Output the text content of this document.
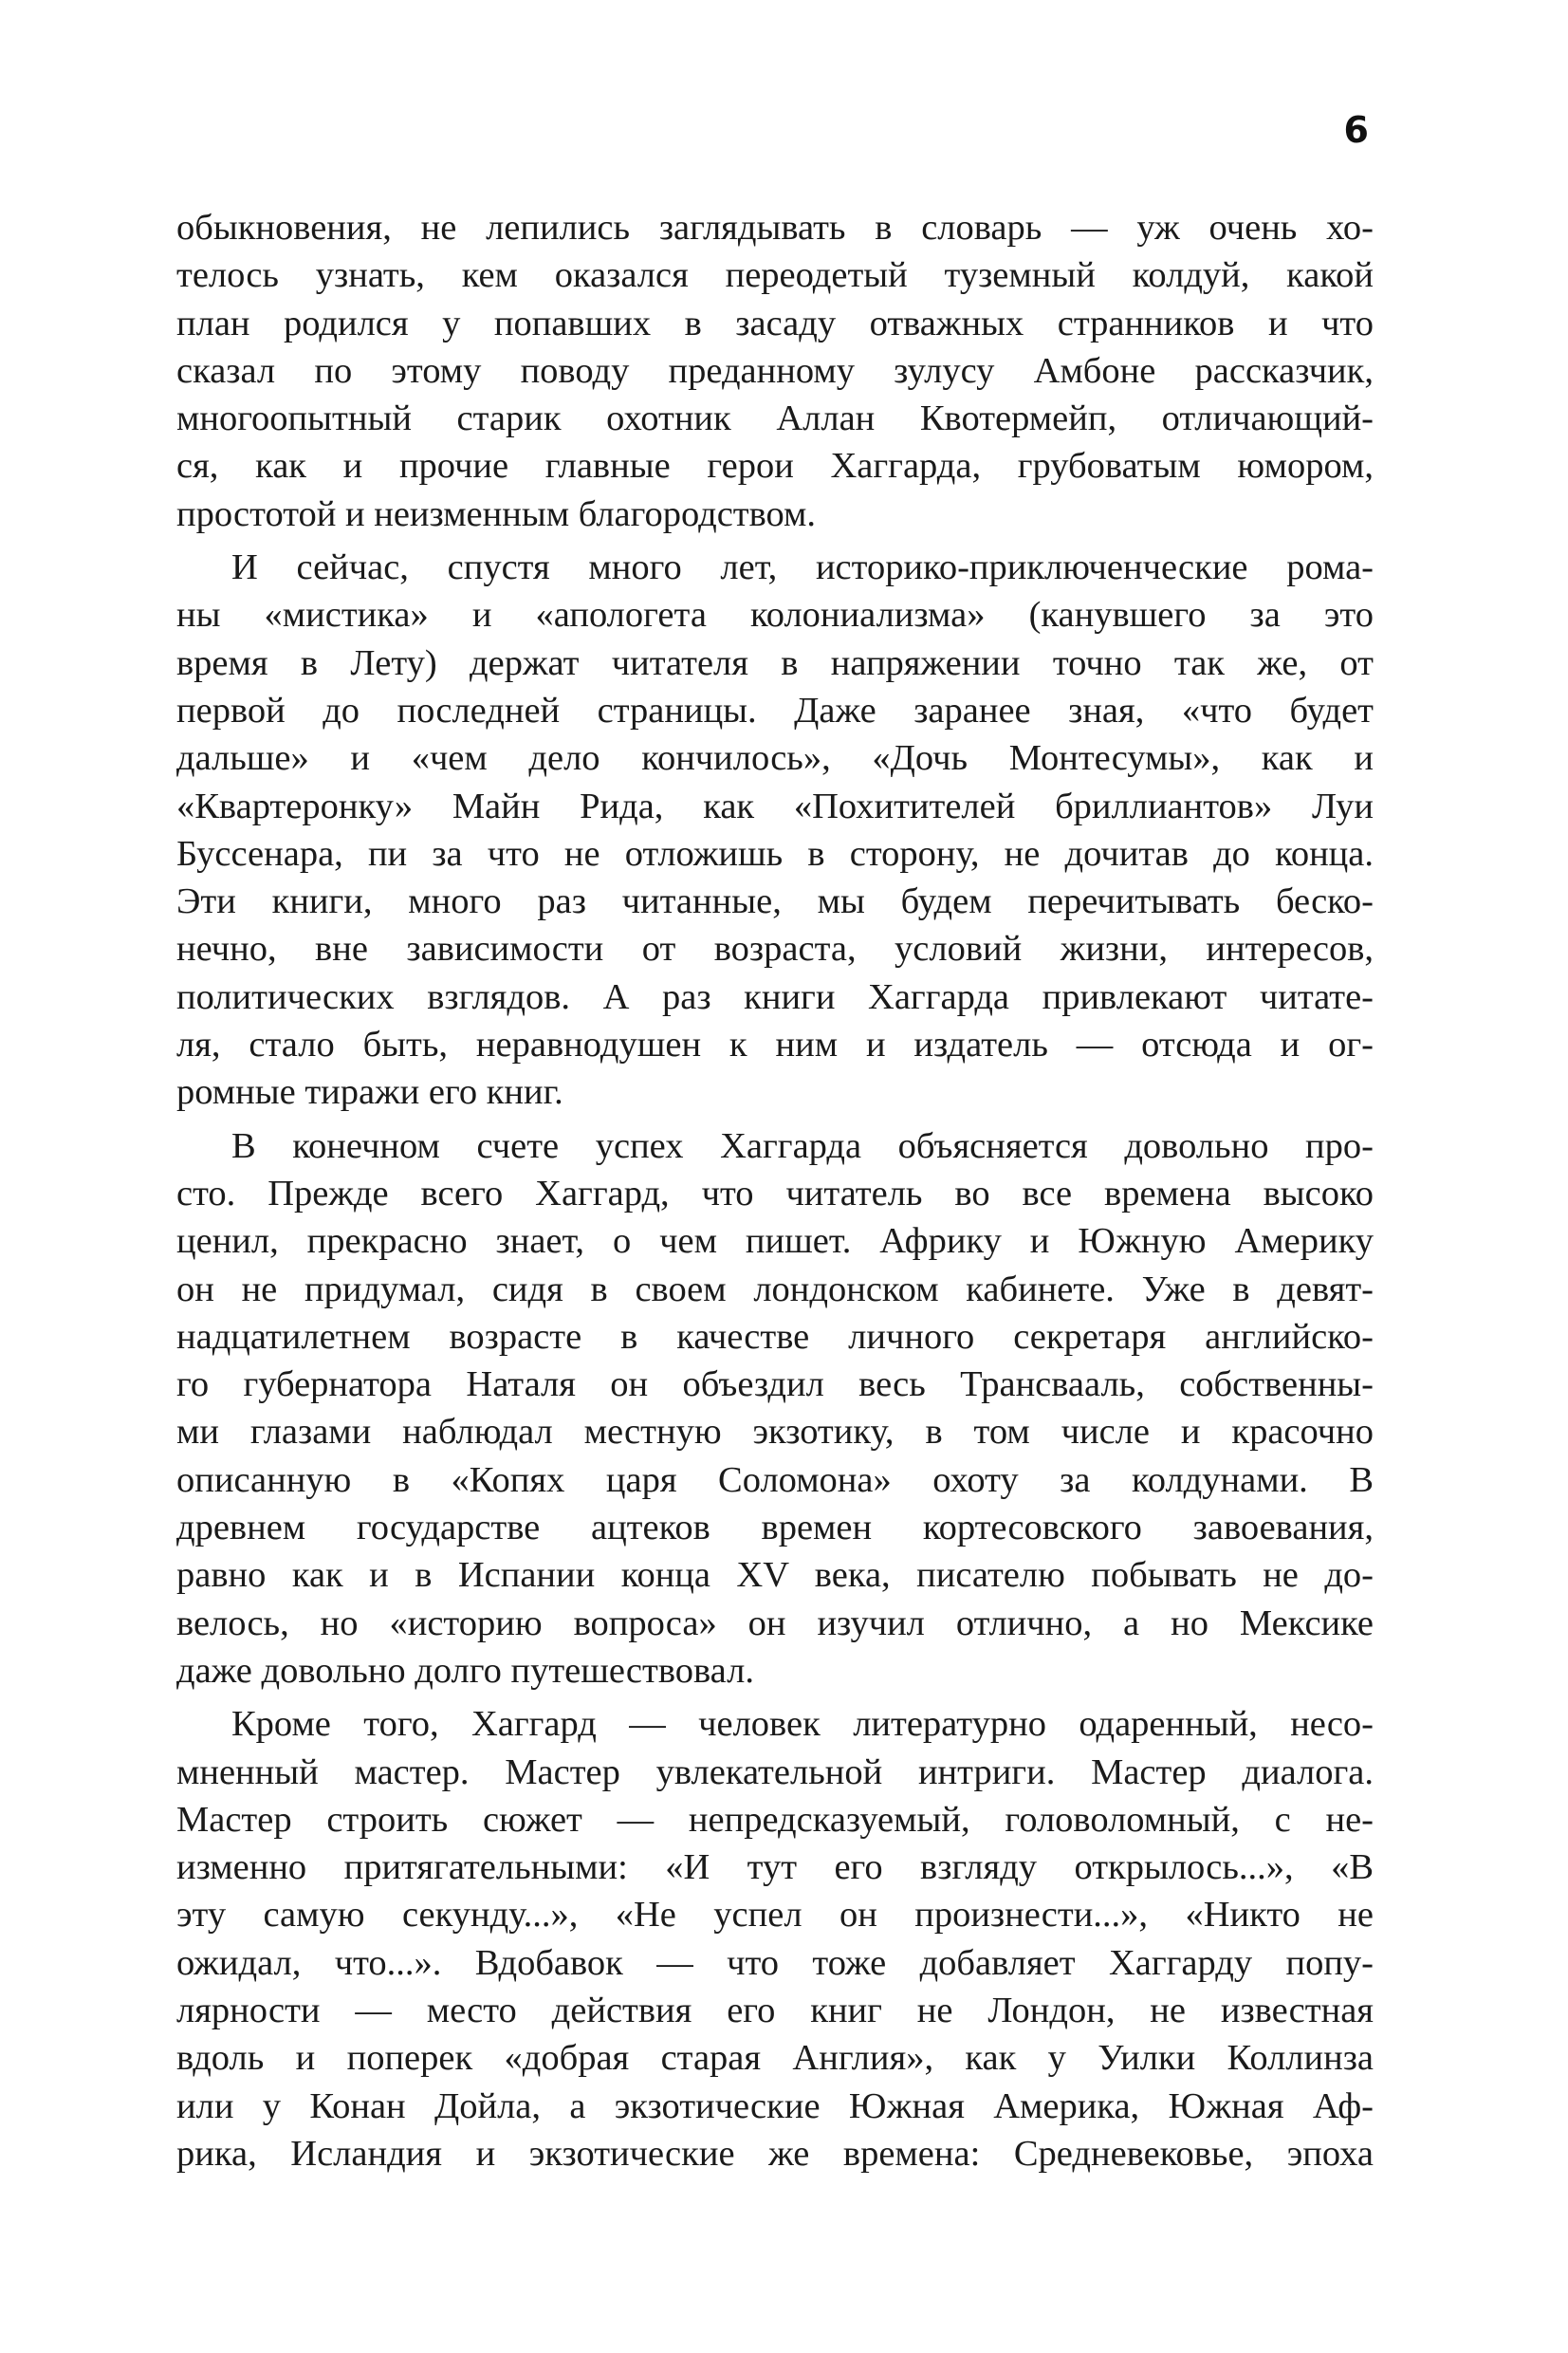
6
обыкновения, не лепились заглядывать в словарь — уж очень хо-
телось узнать, кем оказался переодетый туземный колдуй, какой
план родился у попавших в засаду отважных странников и что
сказал по этому поводу преданному зулусу Амбоне рассказчик,
многоопытный старик охотник Аллан Квотермейп, отличающий-
ся, как и прочие главные герои Хаггарда, грубоватым юмором,
простотой и неизменным благородством.
И сейчас, спустя много лет, историко-приключенческие рома-
ны «мистика» и «апологета колониализма» (канувшего за это
время в Лету) держат читателя в напряжении точно так же, от
первой до последней страницы. Даже заранее зная, «что будет
дальше» и «чем дело кончилось», «Дочь Монтесумы», как и
«Квартеронку» Майн Рида, как «Похитителей бриллиантов» Луи
Буссенара, пи за что не отложишь в сторону, не дочитав до конца.
Эти книги, много раз читанные, мы будем перечитывать беско-
нечно, вне зависимости от возраста, условий жизни, интересов,
политических взглядов. А раз книги Хаггарда привлекают читате-
ля, стало быть, неравнодушен к ним и издатель — отсюда и ог-
ромные тиражи его книг.
В конечном счете успех Хаггарда объясняется довольно про-
сто. Прежде всего Хаггард, что читатель во все времена высоко
ценил, прекрасно знает, о чем пишет. Африку и Южную Америку
он не придумал, сидя в своем лондонском кабинете. Уже в девят-
надцатилетнем возрасте в качестве личного секретаря английско-
го губернатора Наталя он объездил весь Трансвааль, собственны-
ми глазами наблюдал местную экзотику, в том числе и красочно
описанную в «Копях царя Соломона» охоту за колдунами. В
древнем государстве ацтеков времен кортесовского завоевания,
равно как и в Испании конца XV века, писателю побывать не до-
велось, но «историю вопроса» он изучил отлично, а но Мексике
даже довольно долго путешествовал.
Кроме того, Хаггард — человек литературно одаренный, несо-
мненный мастер. Мастер увлекательной интриги. Мастер диалога.
Мастер строить сюжет — непредсказуемый, головоломный, с не-
изменно притягательными: «И тут его взгляду открылось...», «В
эту самую секунду...», «Не успел он произнести...», «Никто не
ожидал, что...». Вдобавок — что тоже добавляет Хаггарду попу-
лярности — место действия его книг не Лондон, не известная
вдоль и поперек «добрая старая Англия», как у Уилки Коллинза
или у Конан Дойла, а экзотические Южная Америка, Южная Аф-
рика, Исландия и экзотические же времена: Средневековье, эпоха
